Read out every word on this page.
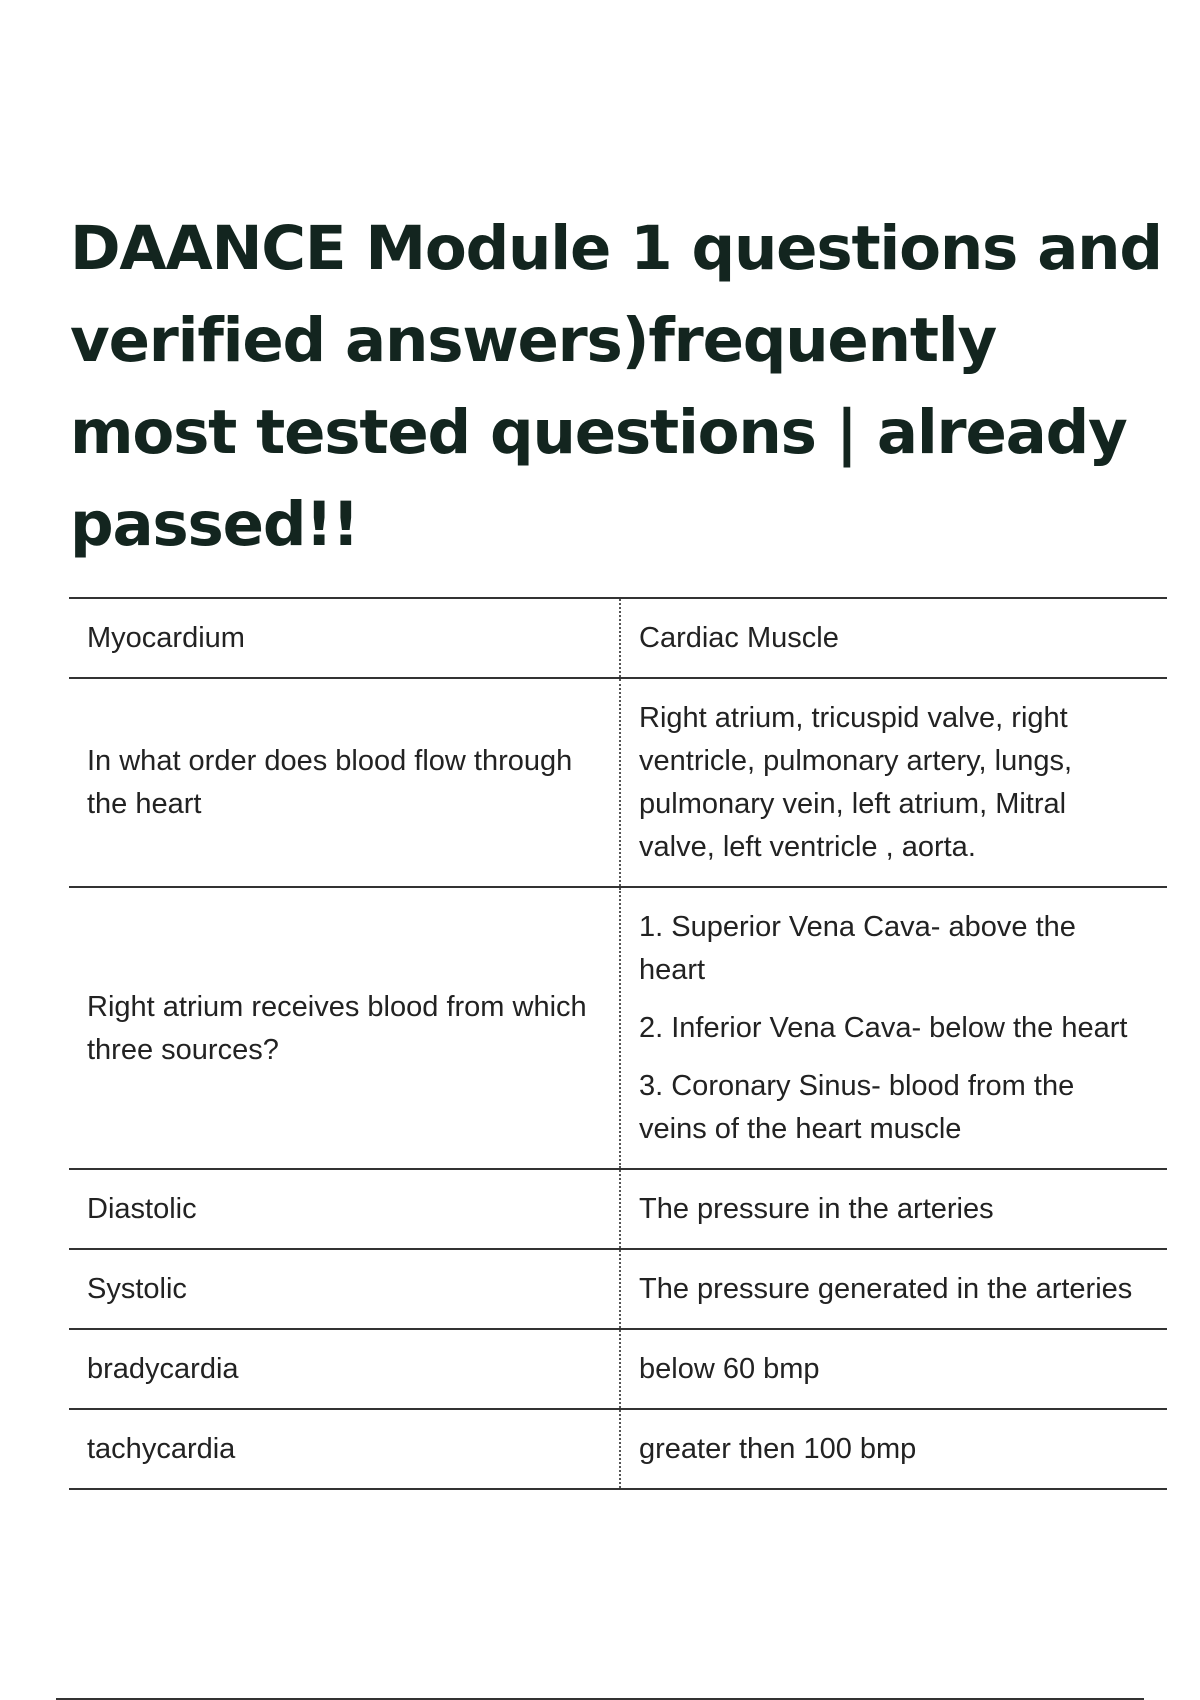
DAANCE Module 1 questions and verified answers)frequently most tested questions | already passed!!
Myocardium	Cardiac Muscle

In what order does blood flow through the heart	Right atrium, tricuspid valve, right ventricle, pulmonary artery, lungs, pulmonary vein, left atrium, Mitral valve, left ventricle , aorta.

Right atrium receives blood from which three sources?	1. Superior Vena Cava- above the heart

2. Inferior Vena Cava- below the heart

3. Coronary Sinus- blood from the veins of the heart muscle

Diastolic	The pressure in the arteries

Systolic	The pressure generated in the arteries

bradycardia	below 60 bmp

tachycardia	greater then 100 bmp
